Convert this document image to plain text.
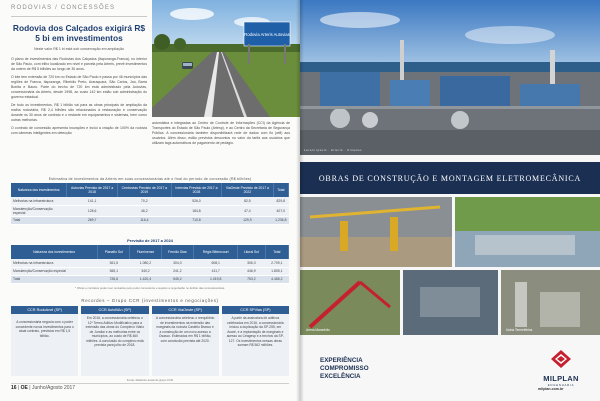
RODOVIAS / CONCESSÕES
Rodovia dos Calçados exigirá R$ 5 bi em investimentos
Neste valor R$ 1 bi está sob conservação em ampliação

O plano de investimentos das Rodovias dos Calçados (Itaporanga-Franca), no interior de São Paulo, com trilho localizado em nível e parcela pela Arteris, prevê investimentos da ordem de R$ 5 bilhões ao longo de 30 anos.

O lote tem extensão de 720 km no Estado de São Paulo e passa por 46 municípios das regiões de Franca, Itaporanga, Ribeirão Preto, Araraquara, São Carlos, Jaú, Barra Bonita e Bauru. Parte do trecho de 720 km está administrado pela Autovias, concessionária da Arteris, desde 1998, ao custo 142 km estão sob administração do governo estadual.

De todo os investimentos, R$ 1 bilhão vai para as obras principais de ampliação da malha rodoviária, R$ 2,4 bilhões são relacionados à restauração e conservação durante os 30 anos de contrato e o restante em equipamentos e sistemas, bem como outras melhorias.

O contrato de concessão apresenta inovações e inclui a criação de 100% da rodovia com câmeras inteligentes em detecção

Rodovia Arteris Autovias

automática e integradas ao Centro de Controle de Informações (CCI) da Agência de Transportes do Estado de São Paulo (Artesp), e ao Centro da Secretaria de Segurança Pública. A concessionária também disponibilizará rede de dados com fio (wifi) aos usuários. Além disso, estão previstos descontos no valor da tarifa aos usuários que utilizam tags automáticos de pagamento de pedágio.

Estimativa de investimentos da Arteris em suas concessionárias até o final do período de concessão (R$ bilhões)
Natureza dos investimentos	Autovias Previsto de 2017 a 2018	Centrovias Previsto de 2017 a 2019	Intervias Previsto de 2017 a 2028	ViaOeste Previsto de 2017 a 2022	Total
Melhorias na infraestrutura	141,1	70,2	526,0	82,5	829,8
Manutenção/Conservação especial	128,6	46,2	184,8	47,4	407,0
Total	269,7	116,4	710,8	129,9	1.236,8
Previsão de 2017 a 2024
Natureza dos investimentos	Planalto Sul	Fluminense	Fernão Dias	Régis Bittencourt	Litoral Sul	Total
Melhorias na infraestrutura	361,5	1.080,2	304,0	608,1	306,3	2.709,1
Manutenção/Conservação especial	365,1	340,2	241,2	411,7	446,9	1.805,1
Total	726,6	1.420,4	545,2	1.019,8	753,2	4.465,2
* Obras e contratos podem ser revisados pelo poder concedente e sujeitos a negociação no âmbito das concessionárias.
Recordes – Grupo CCR (investimentos e negociações)
CCR RodoAnel (SP)
A concessionária negocia com o poder concedente novos investimentos para o atual contrato, previstos em R$ 1,5 bilhão.
CCR AutoBAn (SP)
Em 2016, a concessionária celebrou o 12º Termo Aditivo Modificativo para a extensão das obras do Complexo Viário de Jundiaí e as melhorias entre os municípios, ao custo de R$ 460 milhões. A conclusão do complexo está prevista para julho de 2018.
CCR ViaOeste (SP)
A concessionária celebrou o reequilíbrio de investimentos na extensão das marginais da rodovia Castello Branco e a construção de um novo acesso a Osasco. Estimados em R$ 1 bilhão, com conclusão prevista até 2020.
CCR SPVias (SP)
A partir da assinatura de aditivos celebrados em 2016, a concessionária iniciou a duplicação da SP-255, em Avaré, e a implantação de marginais e acesso ao Ceagesp e a trechos da SP-127. Os investimentos nessas obras somam R$ 562 milhões.
Fonte: Relatório anual do grupo CCR
16 | OE | Junho/Agosto 2017
Lorem ipsum · Arteris · Cimento
OBRAS DE CONSTRUÇÃO E MONTAGEM ELETROMECÂNICA
Arena Maranhão	Usina Termelétrica
EXPERIÊNCIA
COMPROMISSO
EXCELÊNCIA	MILPLAN
ENGENHARIA
milplan.com.br
